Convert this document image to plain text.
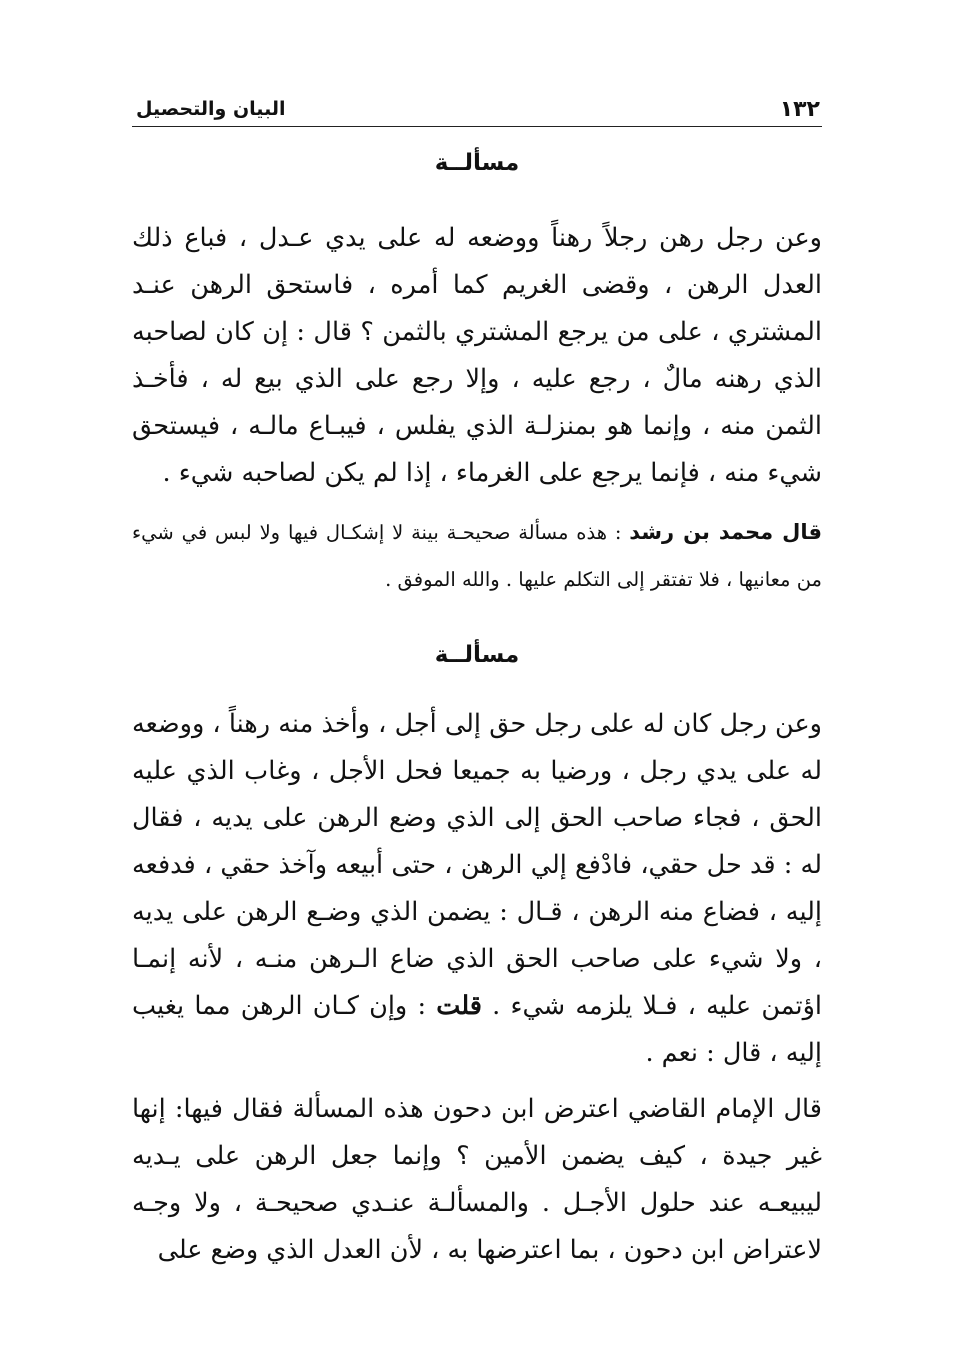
١٣٢
البيان والتحصيل
مسألــة

وعن رجل رهن رجلاً رهناً ووضعه له على يدي عـدل ، فباع ذلك العدل الرهن ، وقضى الغريم كما أمره ، فاستحق الرهن عنـد المشتري ، على من يرجع المشتري بالثمن ؟ قال : إن كان لصاحبه الذي رهنه مالٌ ، رجع عليه ، وإلا رجع على الذي بيع له ، فأخـذ الثمن منه ، وإنما هو بمنزلـة الذي يفلس ، فيبـاع مالـه ، فيستحق شيء منه ، فإنما يرجع على الغرماء ، إذا لم يكن لصاحبه شيء .

قال محمد بن رشد : هذه مسألة صحيحـة بينة لا إشكـال فيها ولا لبس في شيء من معانيها ، فلا تفتقر إلى التكلم عليها . والله الموفق .

مسألــة

وعن رجل كان له على رجل حق إلى أجل ، وأخذ منه رهناً ، ووضعه له على يدي رجل ، ورضيا به جميعا فحل الأجل ، وغاب الذي عليه الحق ، فجاء صاحب الحق إلى الذي وضع الرهن على يديه ، فقال له : قد حل حقي، فادْفع إلي الرهن ، حتى أبيعه وآخذ حقي ، فدفعه إليه ، فضاع منه الرهن ، قـال : يضمن الذي وضـع الرهن على يديه ، ولا شيء على صاحب الحق الذي ضاع الـرهن منـه ، لأنه إنمـا اؤتمن عليه ، فـلا يلزمه شيء . قلت : وإن كـان الرهن مما يغيب إليه ، قال : نعم .

قال الإمام القاضي اعترض ابن دحون هذه المسألة فقال فيها: إنها غير جيدة ، كيف يضمن الأمين ؟ وإنما جعل الرهن على يـديه ليبيعـه عند حلول الأجـل . والمسألـة عنـدي صحيحـة ، ولا وجـه لاعتراض ابن دحون ، بما اعترضها به ، لأن العدل الذي وضع على
